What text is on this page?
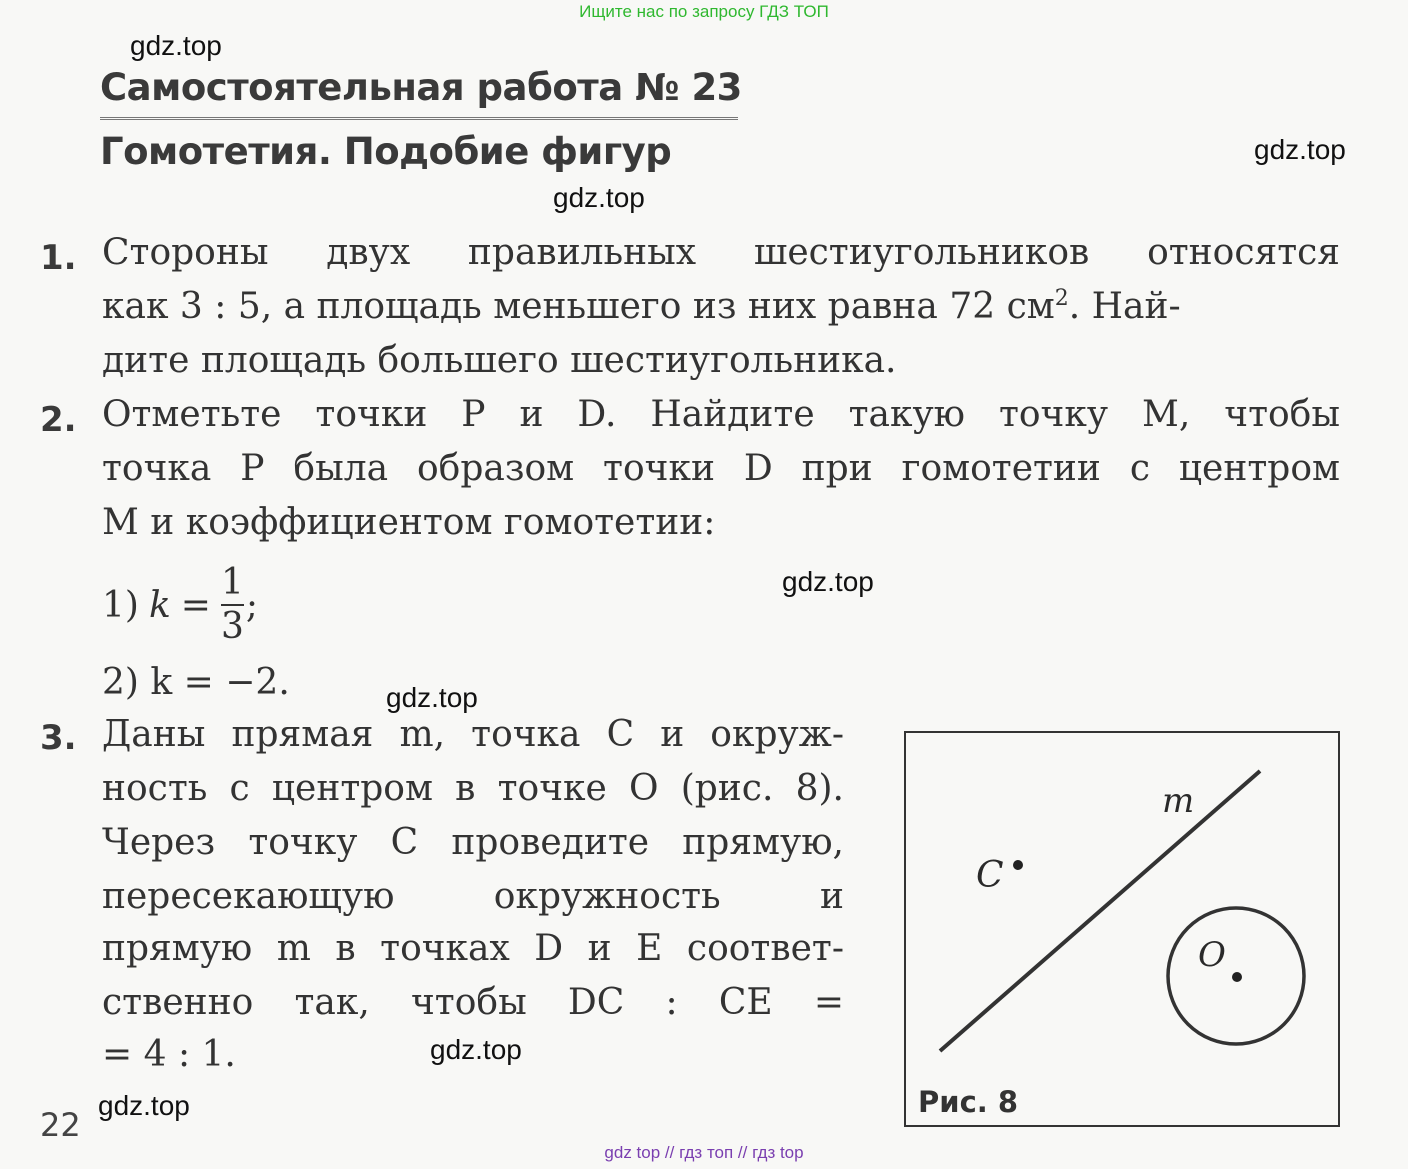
Ищите нас по запросу ГДЗ ТОП
gdz.top
gdz.top
gdz.top
gdz.top
gdz.top
gdz.top
gdz.top
Самостоятельная работа № 23
Гомотетия. Подобие фигур
1. Стороны двух правильных шестиугольников относятся
как 3 : 5, а площадь меньшего из них равна 72 $см^2$. Най-
дите площадь большего шестиугольника.
2. Отметьте точки P и D. Найдите такую точку M, чтобы
точка P была образом точки D при гомотетии с центром
M и коэффициентом гомотетии:
1) $k = \frac{1}{3}$ ;
2) k = −2.
3. Даны прямая m, точка C и окруж-
ность с центром в точке O (рис. 8).
Через точку C проведите прямую,
пересекающую окружность и
прямую m в точках D и E соответ-
ственно так, чтобы DC : CE =
= 4 : 1.
m
C
O
Рис. 8
22
gdz top // гдз топ // гдз top
